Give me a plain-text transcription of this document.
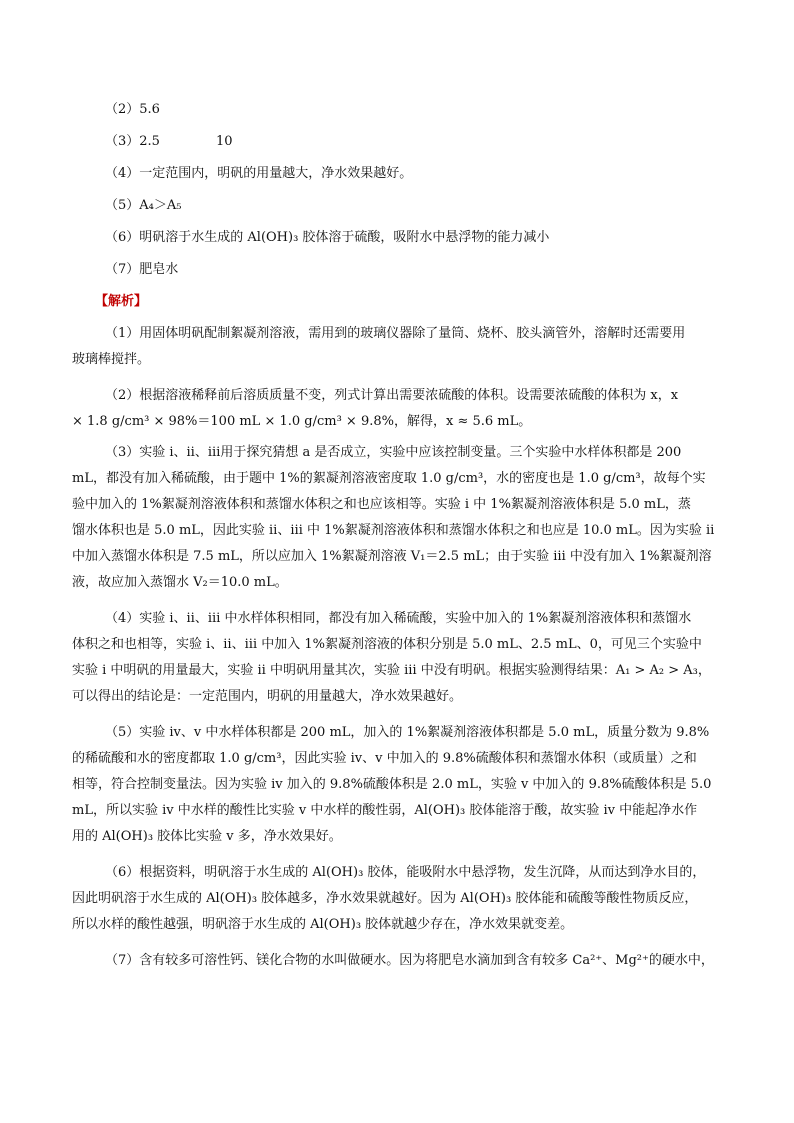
（2）5.6
（3）2.5	10
（4）一定范围内，明矾的用量越大，净水效果越好。
（5）A₄＞A₅
（6）明矾溶于水生成的 Al(OH)₃ 胶体溶于硫酸，吸附水中悬浮物的能力减小
（7）肥皂水
【解析】
（1）用固体明矾配制絮凝剂溶液，需用到的玻璃仪器除了量筒、烧杯、胶头滴管外，溶解时还需要用
玻璃棒搅拌。
（2）根据溶液稀释前后溶质质量不变，列式计算出需要浓硫酸的体积。设需要浓硫酸的体积为 x，x
× 1.8 g/cm³ × 98%＝100 mL × 1.0 g/cm³ × 9.8%，解得，x ≈ 5.6 mL。
（3）实验 ⅰ、ⅱ、ⅲ用于探究猜想 a 是否成立，实验中应该控制变量。三个实验中水样体积都是 200
mL，都没有加入稀硫酸，由于题中 1%的絮凝剂溶液密度取 1.0 g/cm³，水的密度也是 1.0 g/cm³，故每个实
验中加入的 1%絮凝剂溶液体积和蒸馏水体积之和也应该相等。实验 ⅰ 中 1%絮凝剂溶液体积是 5.0 mL，蒸
馏水体积也是 5.0 mL，因此实验 ⅱ、ⅲ 中 1%絮凝剂溶液体积和蒸馏水体积之和也应是 10.0 mL。因为实验 ⅱ
中加入蒸馏水体积是 7.5 mL，所以应加入 1%絮凝剂溶液 V₁＝2.5 mL；由于实验 ⅲ 中没有加入 1%絮凝剂溶
液，故应加入蒸馏水 V₂＝10.0 mL。
（4）实验 ⅰ、ⅱ、ⅲ 中水样体积相同，都没有加入稀硫酸，实验中加入的 1%絮凝剂溶液体积和蒸馏水
体积之和也相等，实验 ⅰ、ⅱ、ⅲ 中加入 1%絮凝剂溶液的体积分别是 5.0 mL、2.5 mL、0，可见三个实验中
实验 ⅰ 中明矾的用量最大，实验 ⅱ 中明矾用量其次，实验 ⅲ 中没有明矾。根据实验测得结果：A₁ > A₂ > A₃，
可以得出的结论是：一定范围内，明矾的用量越大，净水效果越好。
（5）实验 ⅳ、ⅴ 中水样体积都是 200 mL，加入的 1%絮凝剂溶液体积都是 5.0 mL，质量分数为 9.8%
的稀硫酸和水的密度都取 1.0 g/cm³，因此实验 ⅳ、ⅴ 中加入的 9.8%硫酸体积和蒸馏水体积（或质量）之和
相等，符合控制变量法。因为实验 ⅳ 加入的 9.8%硫酸体积是 2.0 mL，实验 ⅴ 中加入的 9.8%硫酸体积是 5.0
mL，所以实验 ⅳ 中水样的酸性比实验 ⅴ 中水样的酸性弱，Al(OH)₃ 胶体能溶于酸，故实验 ⅳ 中能起净水作
用的 Al(OH)₃ 胶体比实验 ⅴ 多，净水效果好。
（6）根据资料，明矾溶于水生成的 Al(OH)₃ 胶体，能吸附水中悬浮物，发生沉降，从而达到净水目的，
因此明矾溶于水生成的 Al(OH)₃ 胶体越多，净水效果就越好。因为 Al(OH)₃ 胶体能和硫酸等酸性物质反应，
所以水样的酸性越强，明矾溶于水生成的 Al(OH)₃ 胶体就越少存在，净水效果就变差。
（7）含有较多可溶性钙、镁化合物的水叫做硬水。因为将肥皂水滴加到含有较多 Ca²⁺、Mg²⁺的硬水中，
